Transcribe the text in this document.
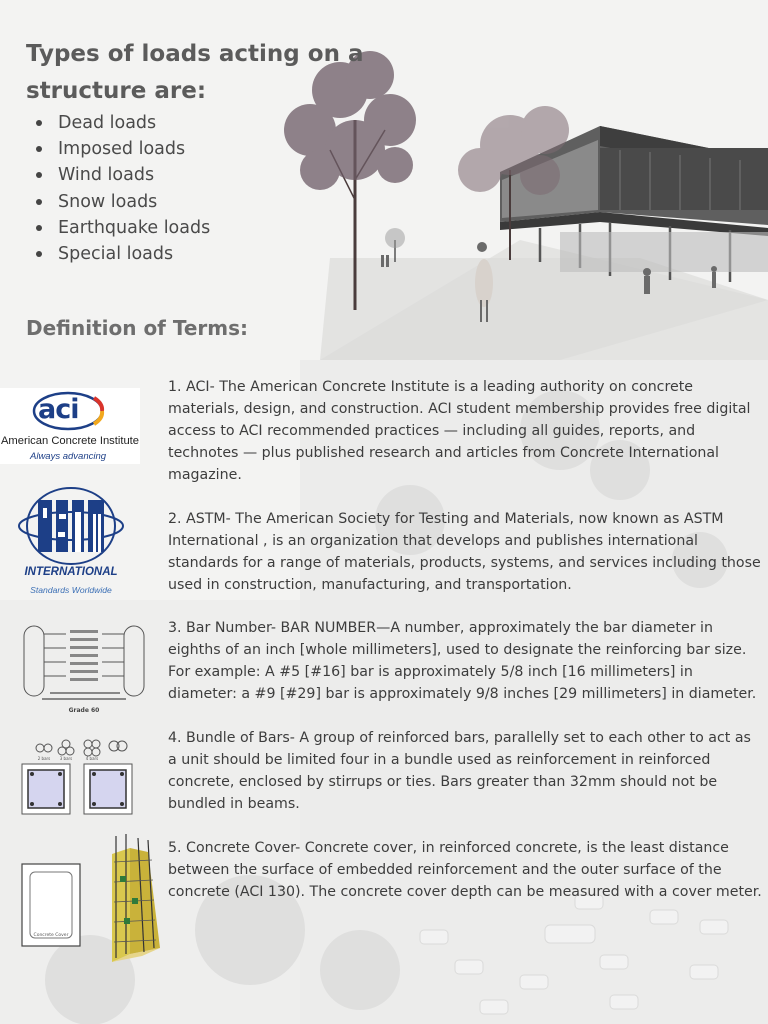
Types of loads acting on a structure are:
Dead loads
Imposed loads
Wind loads
Snow loads
Earthquake loads
Special loads
Definition of Terms:
1. ACI- The American Concrete Institute is a leading authority on concrete materials, design, and construction. ACI student membership provides free digital access to ACI recommended practices — including all guides, reports, and technotes — plus published research and articles from Concrete International magazine.
2. ASTM- The American Society for Testing and Materials, now known as ASTM International , is an organization that develops and publishes international standards for a range of materials, products, systems, and services including those used in construction, manufacturing, and transportation.
3. Bar Number- BAR NUMBER—A number, approximately the bar diameter in eighths of an inch [whole millimeters], used to designate the reinforcing bar size. For example: A #5 [#16] bar is approximately 5/8 inch [16 millimeters] in diameter: a #9 [#29] bar is approximately 9/8 inches [29 millimeters] in diameter.
4. Bundle of Bars- A group of reinforced bars, parallelly set to each other to act as a unit should be limited four in a bundle used as reinforcement in reinforced concrete, enclosed by stirrups or ties. Bars greater than 32mm should not be bundled in beams.
5. Concrete Cover- Concrete cover, in reinforced concrete, is the least distance between the surface of embedded reinforcement and the outer surface of the concrete (ACI 130). The concrete cover depth can be measured with a cover meter.
aci
American Concrete Institute
Always advancing
INTERNATIONAL
Standards Worldwide
Grade 60
2 bars 3 bars	4 bars
Concrete Cover
